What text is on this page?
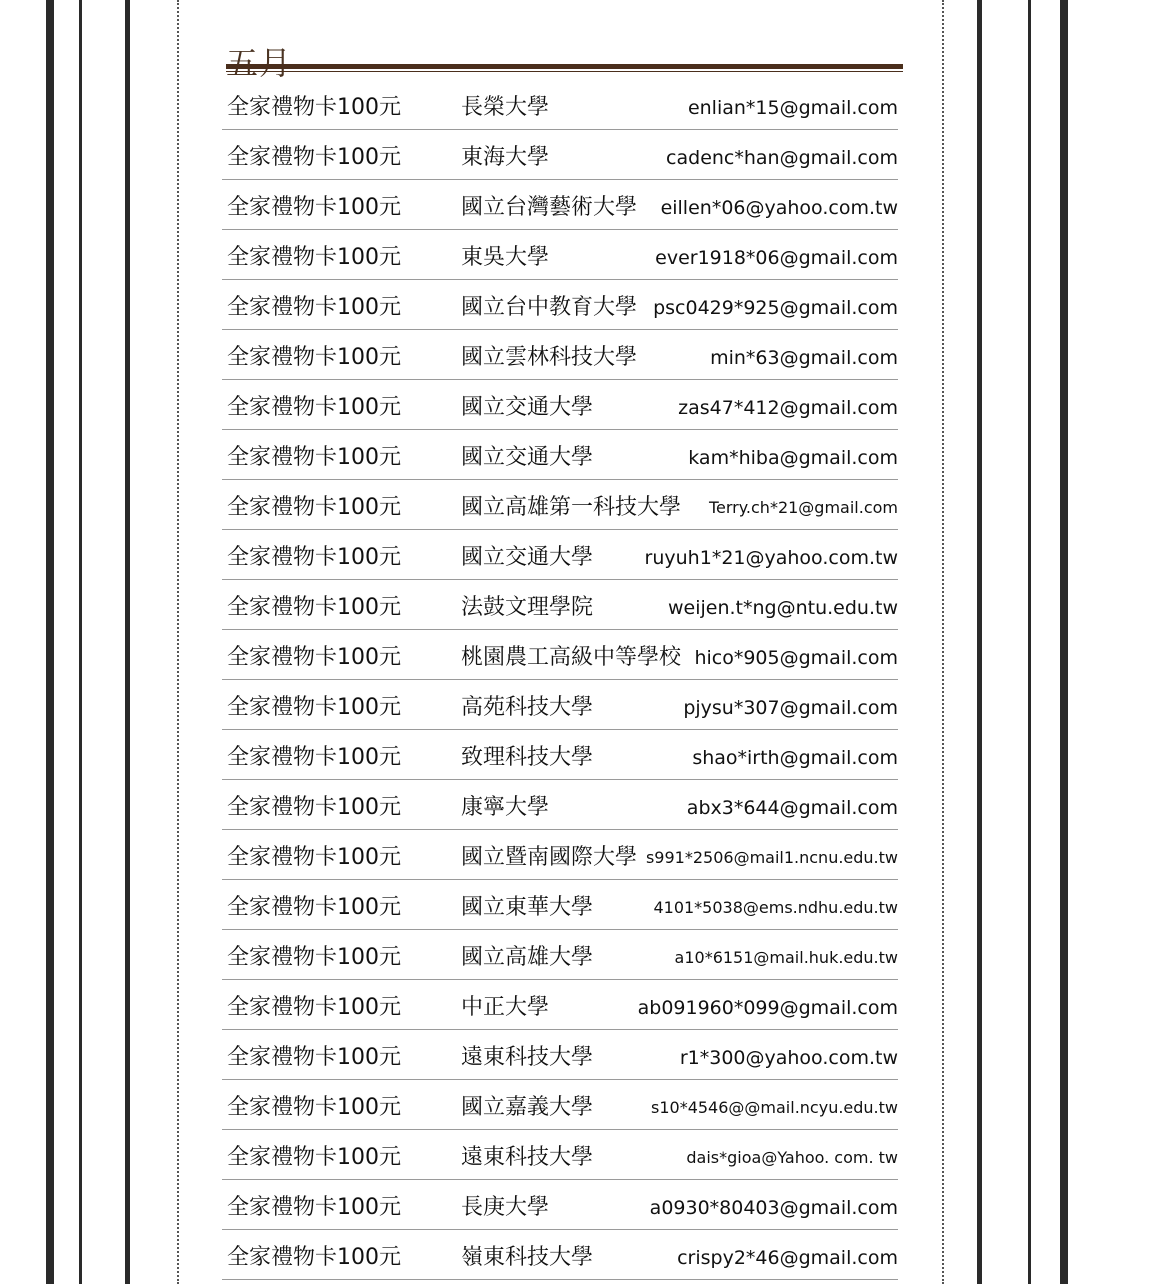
全家禮物卡100元	長榮大學	enlian*15@gmail.com
全家禮物卡100元	東海大學	cadenc*han@gmail.com
全家禮物卡100元	國立台灣藝術大學 eillen*06@yahoo.com.tw
全家禮物卡100元	東吳大學	ever1918*06@gmail.com
全家禮物卡100元	國立台中教育大學 psc0429*925@gmail.com
全家禮物卡100元	國立雲林科技大學	min*63@gmail.com
全家禮物卡100元	國立交通大學	zas47*412@gmail.com
全家禮物卡100元	國立交通大學	kam*hiba@gmail.com
全家禮物卡100元	國立高雄第一科技大學 Terry.ch*21@gmail.com
全家禮物卡100元	國立交通大學	ruyuh1*21@yahoo.com.tw
全家禮物卡100元	法鼓文理學院	weijen.t*ng@ntu.edu.tw
全家禮物卡100元	桃園農工高級中等學校 hico*905@gmail.com
全家禮物卡100元	高苑科技大學	pjysu*307@gmail.com
全家禮物卡100元	致理科技大學	shao*irth@gmail.com
全家禮物卡100元	康寧大學	abx3*644@gmail.com
全家禮物卡100元	國立暨南國際大學 s991*2506@mail1.ncnu.edu.tw
全家禮物卡100元	國立東華大學	4101*5038@ems.ndhu.edu.tw
全家禮物卡100元	國立高雄大學	a10*6151@mail.huk.edu.tw
全家禮物卡100元	中正大學	ab091960*099@gmail.com
全家禮物卡100元	遠東科技大學	r1*300@yahoo.com.tw
全家禮物卡100元	國立嘉義大學	s10*4546@@mail.ncyu.edu.tw
全家禮物卡100元	遠東科技大學	dais*gioa@Yahoo. com. tw
全家禮物卡100元	長庚大學	a0930*80403@gmail.com
全家禮物卡100元	嶺東科技大學	crispy2*46@gmail.com
